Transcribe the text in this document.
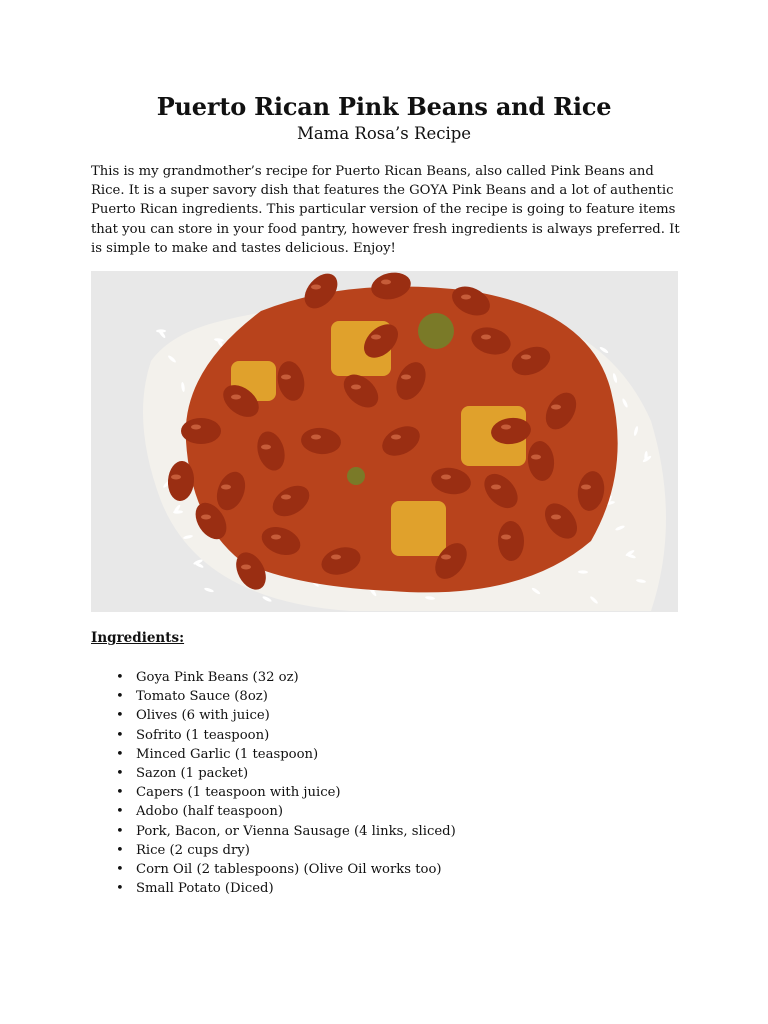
Puerto Rican Pink Beans and Rice
Mama Rosa’s Recipe

This is my grandmother’s recipe for Puerto Rican Beans, also called Pink Beans and Rice. It is a super savory dish that features the GOYA Pink Beans and a lot of authentic Puerto Rican ingredients. This particular version of the recipe is going to feature items that you can store in your food pantry, however fresh ingredients is always preferred. It is simple to make and tastes delicious. Enjoy!

Ingredients:
• Goya Pink Beans (32 oz)
• Tomato Sauce (8oz)
• Olives (6 with juice)
• Sofrito (1 teaspoon)
• Minced Garlic (1 teaspoon)
• Sazon (1 packet)
• Capers (1 teaspoon with juice)
• Adobo (half teaspoon)
• Pork, Bacon, or Vienna Sausage (4 links, sliced)
• Rice (2 cups dry)
• Corn Oil (2 tablespoons) (Olive Oil works too)
• Small Potato (Diced)
